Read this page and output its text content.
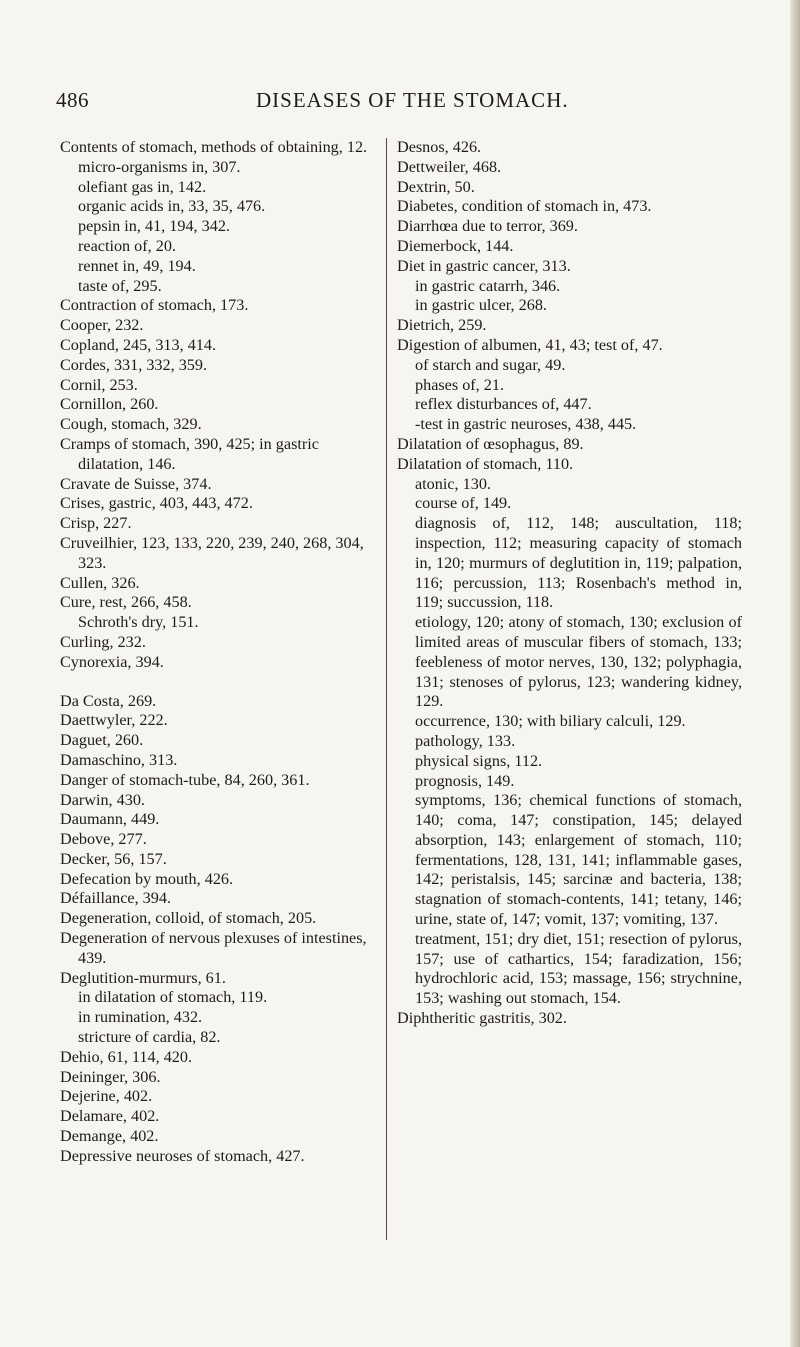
486	DISEASES OF THE STOMACH.
Contents of stomach, methods of obtaining, 12.
micro-organisms in, 307.
olefiant gas in, 142.
organic acids in, 33, 35, 476.
pepsin in, 41, 194, 342.
reaction of, 20.
rennet in, 49, 194.
taste of, 295.
Contraction of stomach, 173.
Cooper, 232.
Copland, 245, 313, 414.
Cordes, 331, 332, 359.
Cornil, 253.
Cornillon, 260.
Cough, stomach, 329.
Cramps of stomach, 390, 425; in gastric dilatation, 146.
Cravate de Suisse, 374.
Crises, gastric, 403, 443, 472.
Crisp, 227.
Cruveilhier, 123, 133, 220, 239, 240, 268, 304, 323.
Cullen, 326.
Cure, rest, 266, 458.
Schroth's dry, 151.
Curling, 232.
Cynorexia, 394.
Da Costa, 269.
Daettwyler, 222.
Daguet, 260.
Damaschino, 313.
Danger of stomach-tube, 84, 260, 361.
Darwin, 430.
Daumann, 449.
Debove, 277.
Decker, 56, 157.
Defecation by mouth, 426.
Défaillance, 394.
Degeneration, colloid, of stomach, 205.
Degeneration of nervous plexuses of intestines, 439.
Deglutition-murmurs, 61.
in dilatation of stomach, 119.
in rumination, 432.
stricture of cardia, 82.
Dehio, 61, 114, 420.
Deininger, 306.
Dejerine, 402.
Delamare, 402.
Demange, 402.
Depressive neuroses of stomach, 427.
Desnos, 426.
Dettweiler, 468.
Dextrin, 50.
Diabetes, condition of stomach in, 473.
Diarrhœa due to terror, 369.
Diemerbock, 144.
Diet in gastric cancer, 313.
in gastric catarrh, 346.
in gastric ulcer, 268.
Dietrich, 259.
Digestion of albumen, 41, 43; test of, 47.
of starch and sugar, 49.
phases of, 21.
reflex disturbances of, 447.
-test in gastric neuroses, 438, 445.
Dilatation of œsophagus, 89.
Dilatation of stomach, 110.
atonic, 130.
course of, 149.
diagnosis of, 112, 148; auscultation, 118; inspection, 112; measuring capacity of stomach in, 120; murmurs of deglutition in, 119; palpation, 116; percussion, 113; Rosenbach's method in, 119; succussion, 118.
etiology, 120; atony of stomach, 130; exclusion of limited areas of muscular fibers of stomach, 133; feebleness of motor nerves, 130, 132; polyphagia, 131; stenoses of pylorus, 123; wandering kidney, 129.
occurrence, 130; with biliary calculi, 129.
pathology, 133.
physical signs, 112.
prognosis, 149.
symptoms, 136; chemical functions of stomach, 140; coma, 147; constipation, 145; delayed absorption, 143; enlargement of stomach, 110; fermentations, 128, 131, 141; inflammable gases, 142; peristalsis, 145; sarcinæ and bacteria, 138; stagnation of stomach-contents, 141; tetany, 146; urine, state of, 147; vomit, 137; vomiting, 137.
treatment, 151; dry diet, 151; resection of pylorus, 157; use of cathartics, 154; faradization, 156; hydrochloric acid, 153; massage, 156; strychnine, 153; washing out stomach, 154.
Diphtheritic gastritis, 302.
